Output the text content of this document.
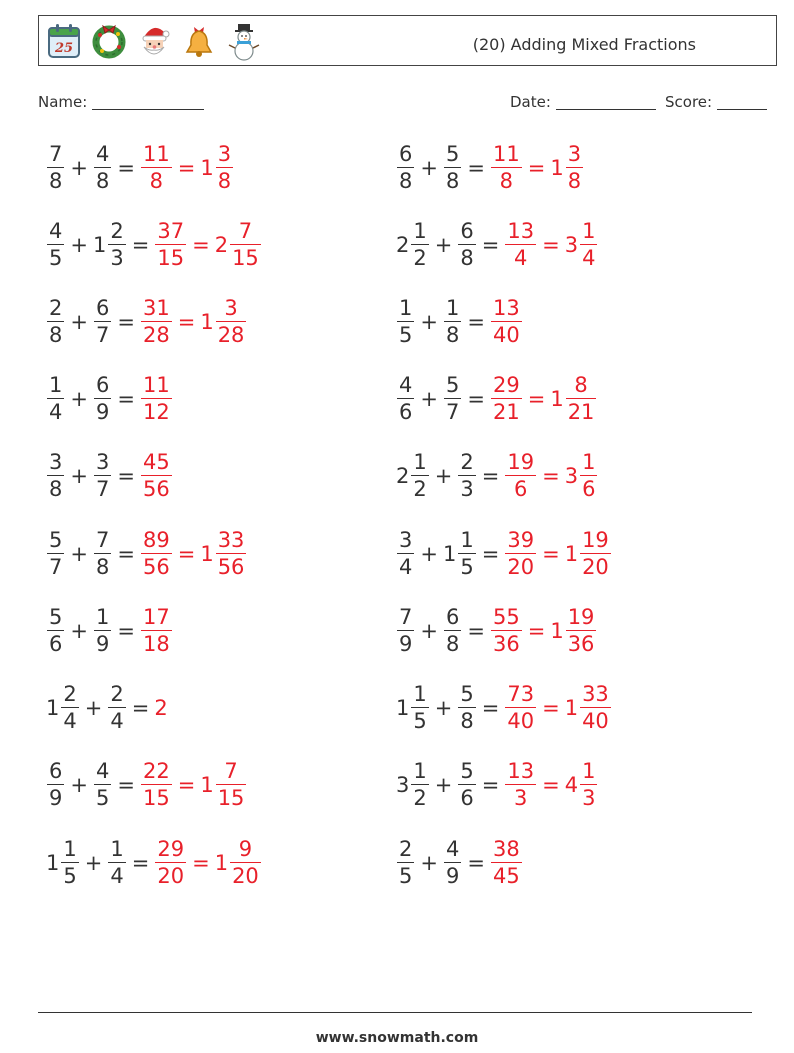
25	(20) Adding Mixed Fractions
Name:	Date:	Score:
$\frac{7}{8} + \frac{4}{8} = \frac{11}{8} = 1 \frac{3}{8}$	$\frac{6}{8} + \frac{5}{8} = \frac{11}{8} = 1 \frac{3}{8}$
$\frac{4}{5} + 1 \frac{2}{3} = \frac{37}{15} = 2 \frac{7}{15}$	$2 \frac{1}{2} + \frac{6}{8} = \frac{13}{4} = 3 \frac{1}{4}$
$\frac{2}{8} + \frac{6}{7} = \frac{31}{28} = 1 \frac{3}{28}$	$\frac{1}{5} + \frac{1}{8} = \frac{13}{40}$
$\frac{1}{4} + \frac{6}{9} = \frac{11}{12}$	$\frac{4}{6} + \frac{5}{7} = \frac{29}{21} = 1 \frac{8}{21}$
$\frac{3}{8} + \frac{3}{7} = \frac{45}{56}$	$2 \frac{1}{2} + \frac{2}{3} = \frac{19}{6} = 3 \frac{1}{6}$
$\frac{5}{7} + \frac{7}{8} = \frac{89}{56} = 1 \frac{33}{56}$	$\frac{3}{4} + 1 \frac{1}{5} = \frac{39}{20} = 1 \frac{19}{20}$
$\frac{5}{6} + \frac{1}{9} = \frac{17}{18}$	$\frac{7}{9} + \frac{6}{8} = \frac{55}{36} = 1 \frac{19}{36}$
$1 \frac{2}{4} + \frac{2}{4} = 2$	$1 \frac{1}{5} + \frac{5}{8} = \frac{73}{40} = 1 \frac{33}{40}$
$\frac{6}{9} + \frac{4}{5} = \frac{22}{15} = 1 \frac{7}{15}$	$3 \frac{1}{2} + \frac{5}{6} = \frac{13}{3} = 4 \frac{1}{3}$
$1 \frac{1}{5} + \frac{1}{4} = \frac{29}{20} = 1 \frac{9}{20}$	$\frac{2}{5} + \frac{4}{9} = \frac{38}{45}$
www.snowmath.com
